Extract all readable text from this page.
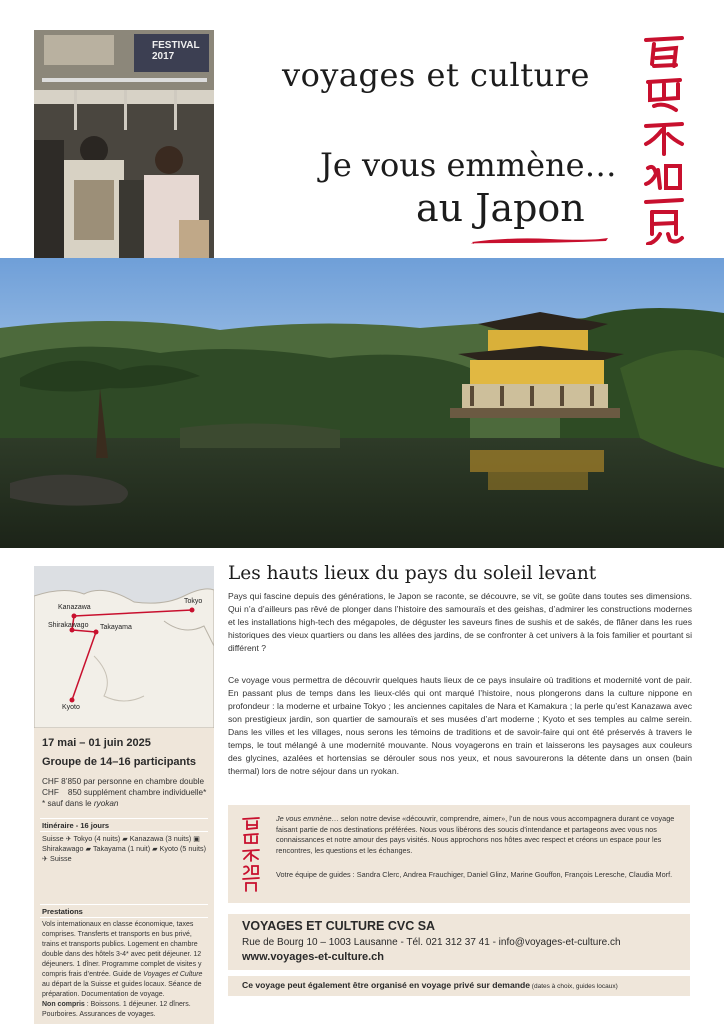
FESTIVAL 2017	voyages et culture
Je vous emmène…
au Japon
Kanazawa
Tokyo
Shirakawago Takayama
Kyoto
17 mai – 01 juin 2025
Groupe de 14–16 participants
CHF 8’850 par personne en chambre double
CHF    850 supplément chambre individuelle*
* sauf dans le ryokan
Itinéraire - 16 jours
Suisse ✈ Tokyo (4 nuits) ▰ Kanazawa (3 nuits) ▣ Shirakawago ▰ Takayama (1 nuit) ▰ Kyoto (5 nuits) ✈ Suisse
Prestations
Vols internationaux en classe économique, taxes comprises. Transferts et transports en bus privé, trains et transports publics. Logement en chambre double dans des hôtels 3-4* avec petit déjeuner. 12 déjeuners. 1 dîner. Programme complet de visites y compris frais d’entrée. Guide de Voyages et Culture au départ de la Suisse et guides locaux. Séance de préparation. Documentation de voyage.
Non compris : Boissons. 1 déjeuner. 12 dîners. Pourboires. Assurances de voyages.
Les hauts lieux du pays du soleil levant

Pays qui fascine depuis des générations, le Japon se raconte, se découvre, se vit, se goûte dans toutes ses dimensions. Qui n’a d’ailleurs pas rêvé de plonger dans l’histoire des samouraïs et des geishas, d’admirer les constructions modernes et les installations high-tech des mégapoles, de déguster les saveurs fines de sushis et de sakés, de flâner dans les rues historiques des vieux quartiers ou dans les allées des jardins, de se confronter à cet univers à la fois familier et pourtant si différent ?

Ce voyage vous permettra de découvrir quelques hauts lieux de ce pays insulaire où traditions et modernité vont de pair. En passant plus de temps dans les lieux-clés qui ont marqué l’histoire, nous plongerons dans la culture nippone en profondeur : la moderne et urbaine Tokyo ; les anciennes capitales de Nara et Kamakura ; la perle qu’est Kanazawa avec son prestigieux jardin, son quartier de samouraïs et ses musées d’art moderne ; Kyoto et ses temples au calme serein. Dans les villes et les villages, nous serons les témoins de traditions et de savoir-faire qui ont été préservés à travers le temps, le tout mélangé à une modernité mouvante. Nous voyagerons en train et laisserons les paysages aux couleurs des glycines, azalées et hortensias se dérouler sous nos yeux, et nous savourerons la détente dans un onsen (bain thermal) lors de notre séjour dans un ryokan.

Je vous emmène… selon notre devise «découvrir, comprendre, aimer», l’un de nous vous accompagnera durant ce voyage faisant partie de nos destinations préférées. Nous vous libérons des soucis d’intendance et partageons avec vous nos connaissances et notre amour des pays visités. Nous approchons nos hôtes avec respect et créons un espace pour les rencontres, les questions et les échanges.

Votre équipe de guides : Sandra Clerc, Andrea Frauchiger, Daniel Glinz, Marine Gouffon, François Leresche, Claudia Morf.

VOYAGES ET CULTURE CVC SA
Rue de Bourg 10 – 1003 Lausanne - Tél. 021 312 37 41 - info@voyages-et-culture.ch
www.voyages-et-culture.ch
Ce voyage peut également être organisé en voyage privé sur demande (dates à choix, guides locaux)
